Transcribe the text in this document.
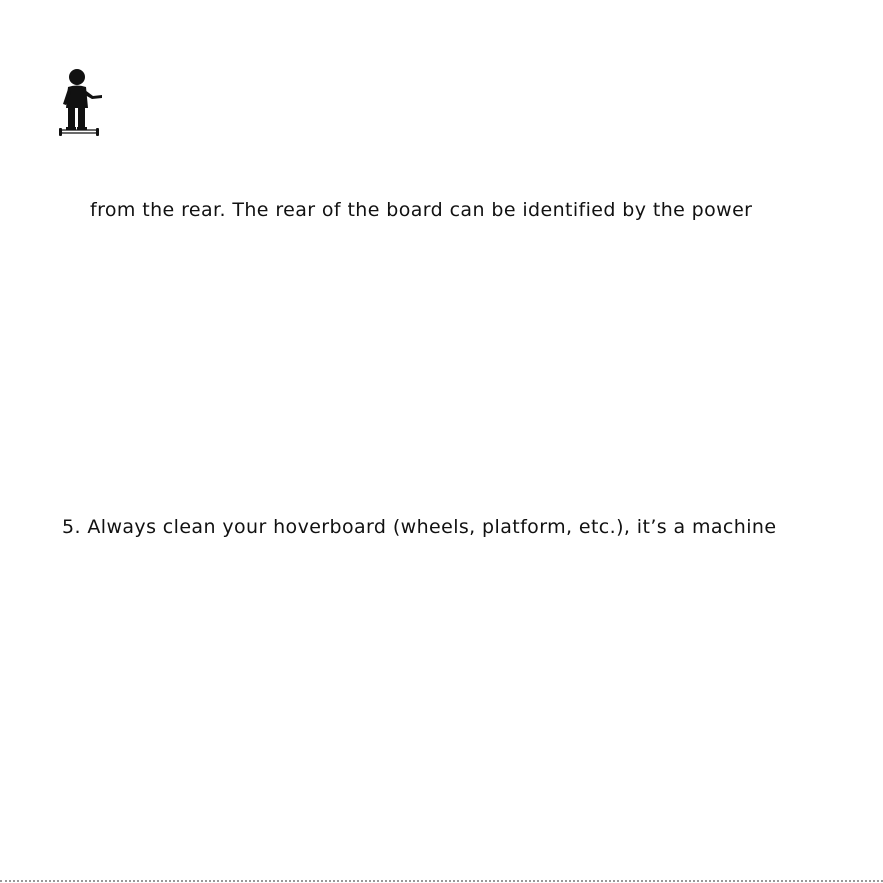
from the rear. The rear of the board can be identified by the power
5. Always clean your hoverboard (wheels, platform, etc.), it’s a machine
